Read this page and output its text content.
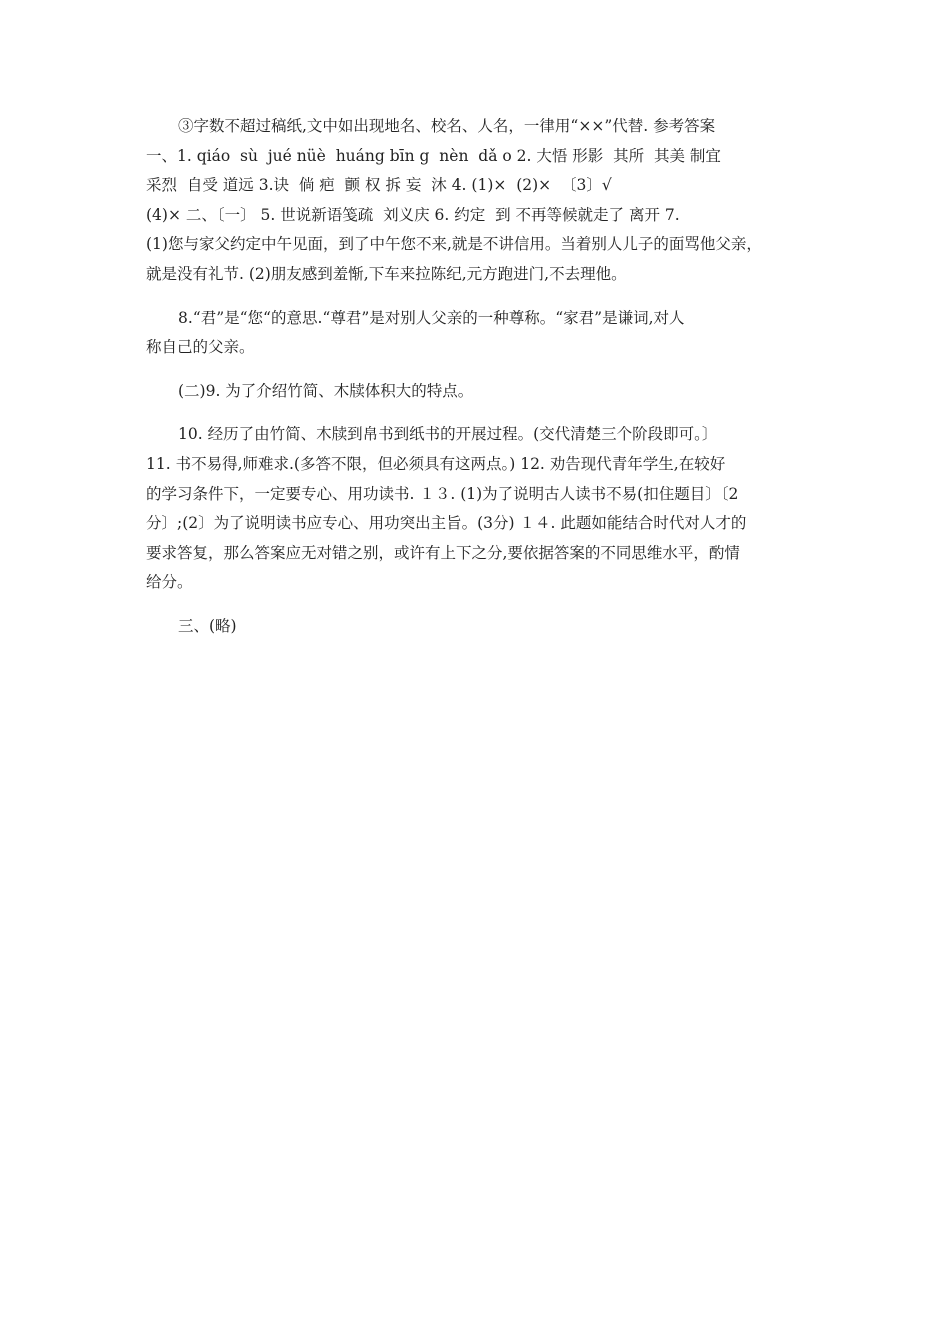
③字数不超过稿纸,文中如出现地名、校名、人名，一律用“××”代替. 参考答案
一、1. qiáo  sù  jué nüè  huáng bīn g  nèn  dǎ o 2. 大悟 形影  其所  其美 制宜
采烈  自受 道远 3.诀  倘 疤  颤 权 拆 妄  沐 4. (1)×  (2)×  〔3〕√
(4)× 二、〔一〕 5. 世说新语笺疏  刘义庆 6. 约定  到 不再等候就走了 离开 7.
(1)您与家父约定中午见面，到了中午您不来,就是不讲信用。当着别人儿子的面骂他父亲，
就是没有礼节. (2)朋友感到羞惭,下车来拉陈纪,元方跑进门,不去理他。

8.“君”是“您“的意思.“尊君”是对别人父亲的一种尊称。“家君”是谦词,对人
称自己的父亲。

(二)9. 为了介绍竹简、木牍体积大的特点。

10. 经历了由竹简、木牍到帛书到纸书的开展过程。(交代清楚三个阶段即可。〕
11. 书不易得,师难求.(多答不限，但必须具有这两点。) 12. 劝告现代青年学生,在较好
的学习条件下，一定要专心、用功读书. １３. (1)为了说明古人读书不易(扣住题目〕〔2
分〕;(2〕为了说明读书应专心、用功突出主旨。(3分) １４. 此题如能结合时代对人才的
要求答复，那么答案应无对错之别，或许有上下之分,要依据答案的不同思维水平，酌情
给分。

三、(略)
